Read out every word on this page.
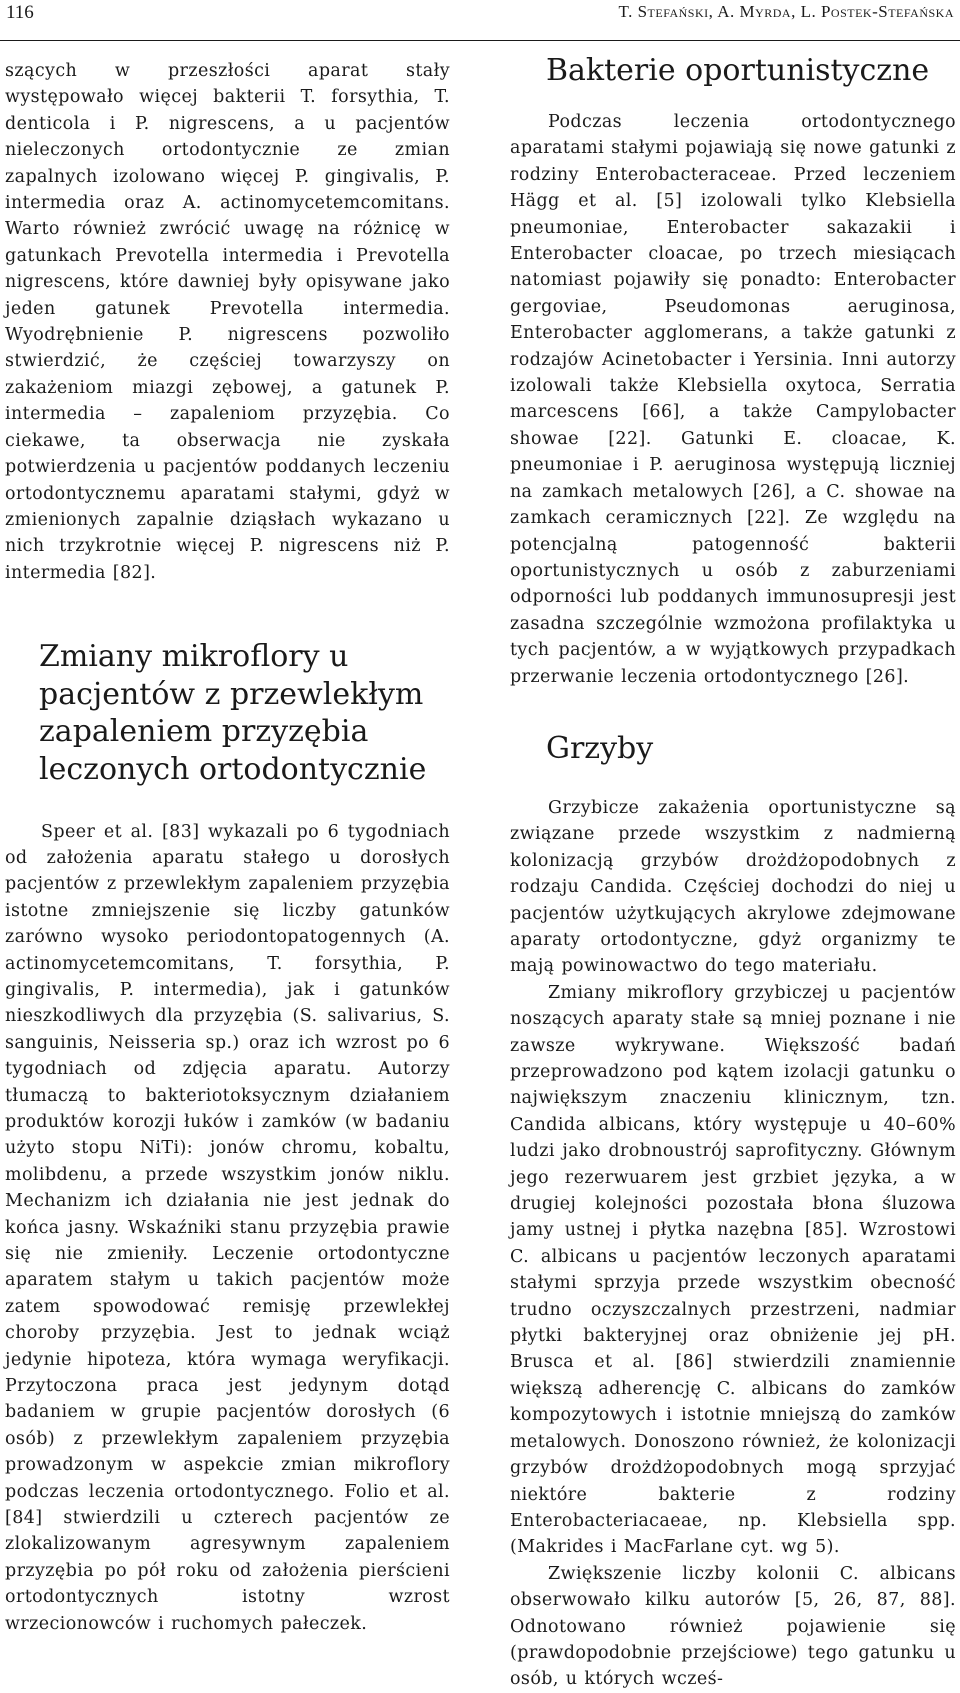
116	T. Stefański, A. Myrda, L. Postek-Stefańska

szących w przeszłości aparat stały występowało więcej bakterii T. forsythia, T. denticola i P. nigrescens, a u pacjentów nieleczonych ortodontycznie ze zmian zapalnych izolowano więcej P. gingivalis, P. intermedia oraz A. actinomycetemcomitans. Warto również zwrócić uwagę na różnicę w gatunkach Prevotella intermedia i Prevotella nigrescens, które dawniej były opisywane jako jeden gatunek Prevotella intermedia. Wyodrębnienie P. nigrescens pozwoliło stwierdzić, że częściej towarzyszy on zakażeniom miazgi zębowej, a gatunek P. intermedia – zapaleniom przyzębia. Co ciekawe, ta obserwacja nie zyskała potwierdzenia u pacjentów poddanych leczeniu ortodontycznemu aparatami stałymi, gdyż w zmienionych zapalnie dziąsłach wykazano u nich trzykrotnie więcej P. nigrescens niż P. intermedia [82].

Zmiany mikroflory u pacjentów z przewlekłym zapaleniem przyzębia leczonych ortodontycznie

Speer et al. [83] wykazali po 6 tygodniach od założenia aparatu stałego u dorosłych pacjentów z przewlekłym zapaleniem przyzębia istotne zmniejszenie się liczby gatunków zarówno wysoko periodontopatogennych (A. actinomycetemcomitans, T. forsythia, P. gingivalis, P. intermedia), jak i gatunków nieszkodliwych dla przyzębia (S. salivarius, S. sanguinis, Neisseria sp.) oraz ich wzrost po 6 tygodniach od zdjęcia aparatu. Autorzy tłumaczą to bakteriotoksycznym działaniem produktów korozji łuków i zamków (w badaniu użyto stopu NiTi): jonów chromu, kobaltu, molibdenu, a przede wszystkim jonów niklu. Mechanizm ich działania nie jest jednak do końca jasny. Wskaźniki stanu przyzębia prawie się nie zmieniły. Leczenie ortodontyczne aparatem stałym u takich pacjentów może zatem spowodować remisję przewlekłej choroby przyzębia. Jest to jednak wciąż jedynie hipoteza, która wymaga weryfikacji. Przytoczona praca jest jedynym dotąd badaniem w grupie pacjentów dorosłych (6 osób) z przewlekłym zapaleniem przyzębia prowadzonym w aspekcie zmian mikroflory podczas leczenia ortodontycznego. Folio et al. [84] stwierdzili u czterech pacjentów ze zlokalizowanym agresywnym zapaleniem przyzębia po pół roku od założenia pierścieni ortodontycznych istotny wzrost wrzecionowców i ruchomych pałeczek.

Bakterie oportunistyczne

Podczas leczenia ortodontycznego aparatami stałymi pojawiają się nowe gatunki z rodziny Enterobacteraceae. Przed leczeniem Hägg et al. [5] izolowali tylko Klebsiella pneumoniae, Enterobacter sakazakii i Enterobacter cloacae, po trzech miesiącach natomiast pojawiły się ponadto: Enterobacter gergoviae, Pseudomonas aeruginosa, Enterobacter agglomerans, a także gatunki z rodzajów Acinetobacter i Yersinia. Inni autorzy izolowali także Klebsiella oxytoca, Serratia marcescens [66], a także Campylobacter showae [22]. Gatunki E. cloacae, K. pneumoniae i P. aeruginosa występują liczniej na zamkach metalowych [26], a C. showae na zamkach ceramicznych [22]. Ze względu na potencjalną patogenność bakterii oportunistycznych u osób z zaburzeniami odporności lub poddanych immunosupresji jest zasadna szczególnie wzmożona profilaktyka u tych pacjentów, a w wyjątkowych przypadkach przerwanie leczenia ortodontycznego [26].

Grzyby

Grzybicze zakażenia oportunistyczne są związane przede wszystkim z nadmierną kolonizacją grzybów drożdżopodobnych z rodzaju Candida. Częściej dochodzi do niej u pacjentów użytkujących akrylowe zdejmowane aparaty ortodontyczne, gdyż organizmy te mają powinowactwo do tego materiału.

Zmiany mikroflory grzybiczej u pacjentów noszących aparaty stałe są mniej poznane i nie zawsze wykrywane. Większość badań przeprowadzono pod kątem izolacji gatunku o największym znaczeniu klinicznym, tzn. Candida albicans, który występuje u 40–60% ludzi jako drobnoustrój saprofityczny. Głównym jego rezerwuarem jest grzbiet języka, a w drugiej kolejności pozostała błona śluzowa jamy ustnej i płytka nazębna [85]. Wzrostowi C. albicans u pacjentów leczonych aparatami stałymi sprzyja przede wszystkim obecność trudno oczyszczalnych przestrzeni, nadmiar płytki bakteryjnej oraz obniżenie jej pH. Brusca et al. [86] stwierdzili znamiennie większą adherencję C. albicans do zamków kompozytowych i istotnie mniejszą do zamków metalowych. Donoszono również, że kolonizacji grzybów drożdżopodobnych mogą sprzyjać niektóre bakterie z rodziny Enterobacteriacaeae, np. Klebsiella spp. (Makrides i MacFarlane cyt. wg 5).

Zwiększenie liczby kolonii C. albicans obserwowało kilku autorów [5, 26, 87, 88]. Odnotowano również pojawienie się (prawdopodobnie przejściowe) tego gatunku u osób, u których wcześ-
